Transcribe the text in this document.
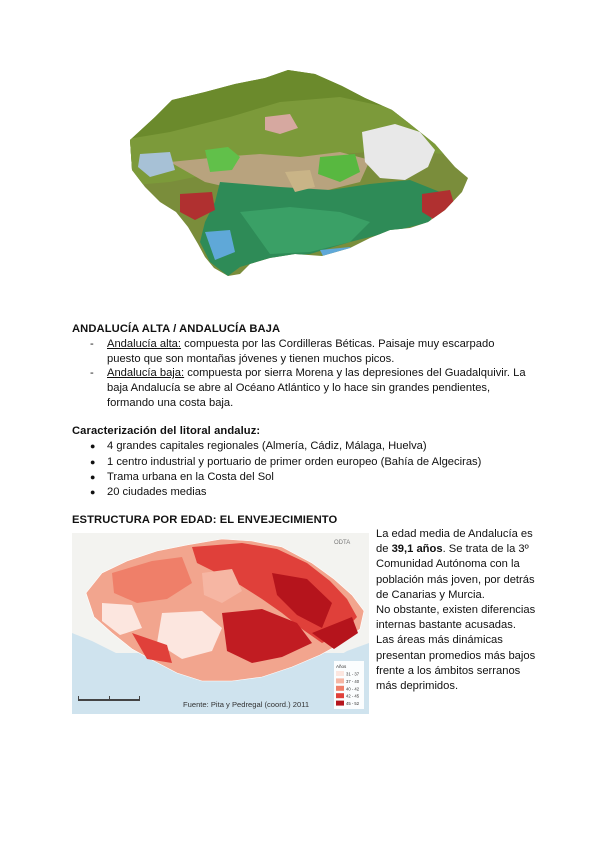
ANDALUCÍA ALTA / ANDALUCÍA BAJA
- Andalucía alta: compuesta por las Cordilleras Béticas. Paisaje muy escarpado puesto que son montañas jóvenes y tienen muchos picos.
- Andalucía baja: compuesta por sierra Morena y las depresiones del Guadalquivir. La baja Andalucía se abre al Océano Atlántico y lo hace sin grandes pendientes, formando una costa baja.
Caracterización del litoral andaluz:
● 4 grandes capitales regionales (Almería, Cádiz, Málaga, Huelva)
● 1 centro industrial y portuario de primer orden europeo (Bahía de Algeciras)
● Trama urbana en la Costa del Sol
● 20 ciudades medias
ESTRUCTURA POR EDAD: EL ENVEJECIMIENTO
ODTA
Fuente: Pita y Pedregal (coord.) 2011
Años
31 - 37
37 - 40
40 - 42
42 - 45
45 - 52
La edad media de Andalucía es de 39,1 años. Se trata de la 3º Comunidad Autónoma con la población más joven, por detrás de Canarias y Murcia.
No obstante, existen diferencias internas bastante acusadas. Las áreas más dinámicas presentan promedios más bajos frente a los ámbitos serranos más deprimidos.
